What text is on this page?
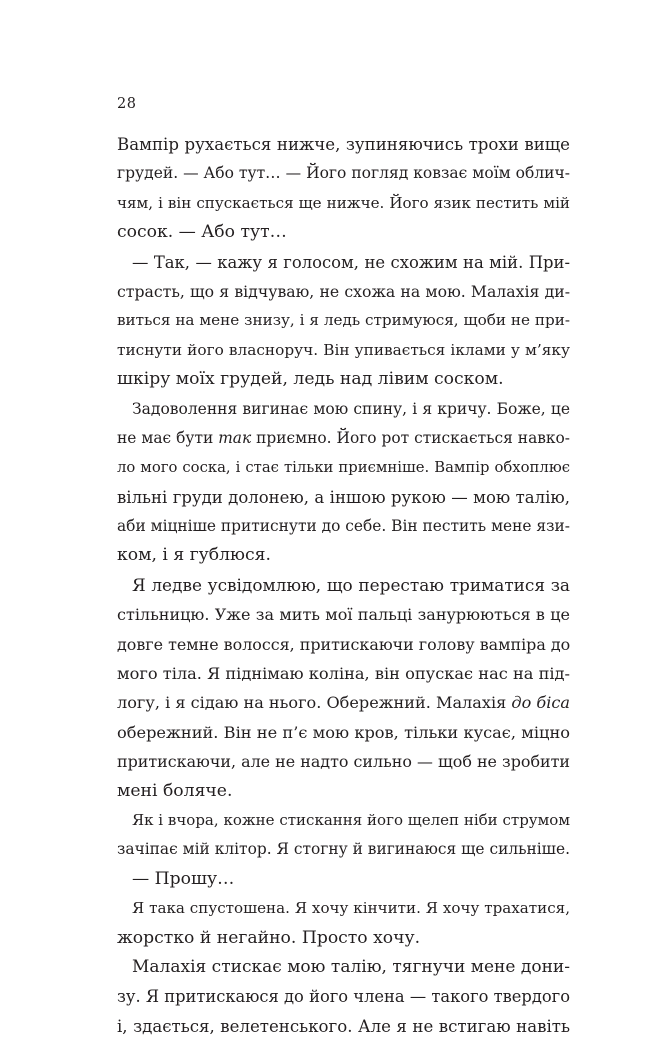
28
Вампір рухається нижче, зупиняючись трохи вище
грудей. — Або тут… — Його погляд ковзає моїм облич-
чям, і він спускається ще нижче. Його язик пестить мій
сосок. — Або тут…
— Так, — кажу я голосом, не схожим на мій. При-
страсть, що я відчуваю, не схожа на мою. Малахія ди-
виться на мене знизу, і я ледь стримуюся, щоби не при-
тиснути його власноруч. Він упивається іклами у м’яку
шкіру моїх грудей, ледь над лівим соском.
Задоволення вигинає мою спину, і я кричу. Боже, це
не має бути так приємно. Його рот стискається навко-
ло мого соска, і стає тільки приємніше. Вампір обхоплює
вільні груди долонею, а іншою рукою — мою талію,
аби міцніше притиснути до себе. Він пестить мене язи-
ком, і я гублюся.
Я ледве усвідомлюю, що перестаю триматися за
стільницю. Уже за мить мої пальці занурюються в це
довге темне волосся, притискаючи голову вампіра до
мого тіла. Я піднімаю коліна, він опускає нас на під-
логу, і я сідаю на нього. Обережний. Малахія до біса
обережний. Він не п’є мою кров, тільки кусає, міцно
притискаючи, але не надто сильно — щоб не зробити
мені боляче.
Як і вчора, кожне стискання його щелеп ніби струмом
зачіпає мій клітор. Я стогну й вигинаюся ще сильніше.
— Прошу…
Я така спустошена. Я хочу кінчити. Я хочу трахатися,
жорстко й негайно. Просто хочу.
Малахія стискає мою талію, тягнучи мене дони-
зу. Я притискаюся до його члена — такого твердого
і, здається, велетенського. Але я не встигаю навіть
